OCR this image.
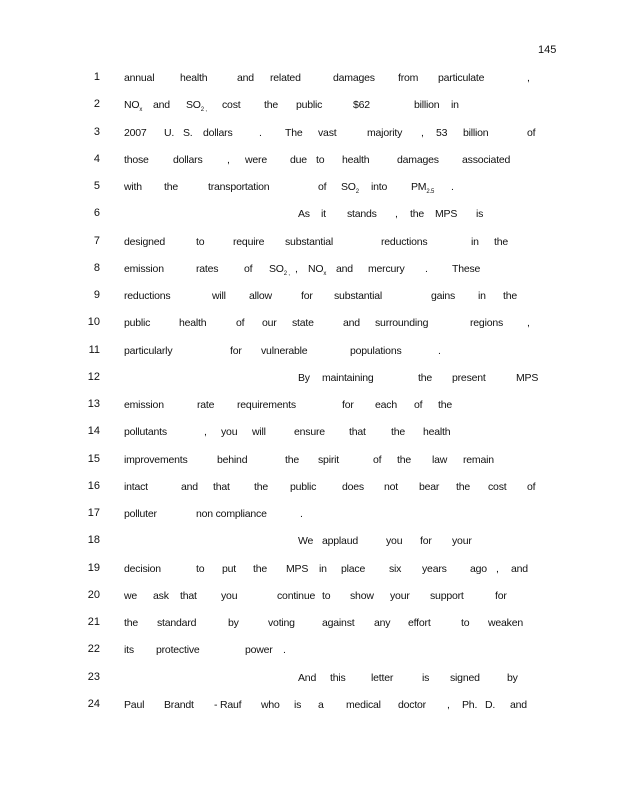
145
1 annual health	and related	damages from particulate	,
2 $NO_x$ and $SO_{2 ,}$ cost the public	$62	billion in
3 2007 U. S. dollars	. The vast	majority , 53 billion	of
4 those dollars , were due to health	damages associated
5 with the	transportation	of $SO_2$ into $PM_{2.5}$ .
6	As it stands , the MPS is
7 designed	to	require substantial	reductions	in the
8 emission	rates of $SO_{2 ,}$ , $NO_x$ and mercury . These
9 reductions	will allow	for substantial	gains in the
10 public	health	of our state	and surrounding	regions ,
11 particularly	for vulnerable	populations	.
12	By maintaining	the present	MPS
13 emission	rate requirements	for each of the
14 pollutants	, you will	ensure that the health
15 improvements	behind	the spirit	of the law remain
16 intact	and that the public does not bear the cost of
17 polluter	non compliance	.
18	We applaud	you for your
19 decision	to put the MPS in place six years ago , and
20 we ask that you	continue to show your support	for
21 the standard	by	voting	against any effort	to weaken
22 its protective	power .
23	And this letter	is signed	by
24 Paul Brandt - Rauf who is a medical doctor , Ph. D. and
